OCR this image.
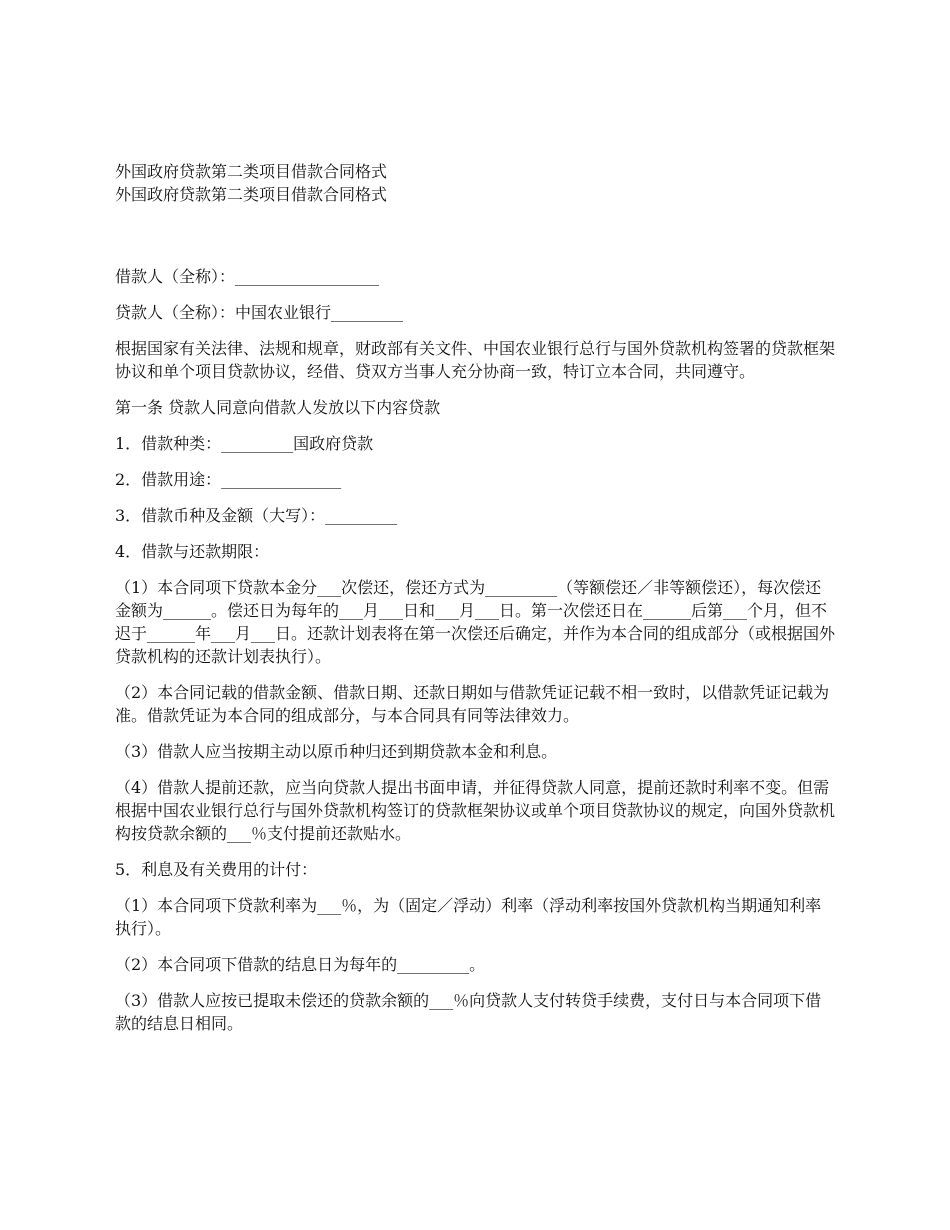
外国政府贷款第二类项目借款合同格式

外国政府贷款第二类项目借款合同格式

借款人（全称）：__________________

贷款人（全称）：中国农业银行_________

根据国家有关法律、法规和规章，财政部有关文件、中国农业银行总行与国外贷款机构签署的贷款框架协议和单个项目贷款协议，经借、贷双方当事人充分协商一致，特订立本合同，共同遵守。

第一条 贷款人同意向借款人发放以下内容贷款

1．借款种类：_________国政府贷款

2．借款用途：_______________

3．借款币种及金额（大写）：_________

4．借款与还款期限：

（1）本合同项下贷款本金分___次偿还，偿还方式为_________（等额偿还／非等额偿还），每次偿还金额为______。偿还日为每年的___月___日和___月___日。第一次偿还日在______后第___个月，但不迟于______年___月___日。还款计划表将在第一次偿还后确定，并作为本合同的组成部分（或根据国外贷款机构的还款计划表执行）。

（2）本合同记载的借款金额、借款日期、还款日期如与借款凭证记载不相一致时，以借款凭证记载为准。借款凭证为本合同的组成部分，与本合同具有同等法律效力。

（3）借款人应当按期主动以原币种归还到期贷款本金和利息。

（4）借款人提前还款，应当向贷款人提出书面申请，并征得贷款人同意，提前还款时利率不变。但需根据中国农业银行总行与国外贷款机构签订的贷款框架协议或单个项目贷款协议的规定，向国外贷款机构按贷款余额的___％支付提前还款贴水。

5．利息及有关费用的计付：

（1）本合同项下贷款利率为___％，为（固定／浮动）利率（浮动利率按国外贷款机构当期通知利率执行）。

（2）本合同项下借款的结息日为每年的_________。

（3）借款人应按已提取未偿还的贷款余额的___％向贷款人支付转贷手续费，支付日与本合同项下借款的结息日相同。
